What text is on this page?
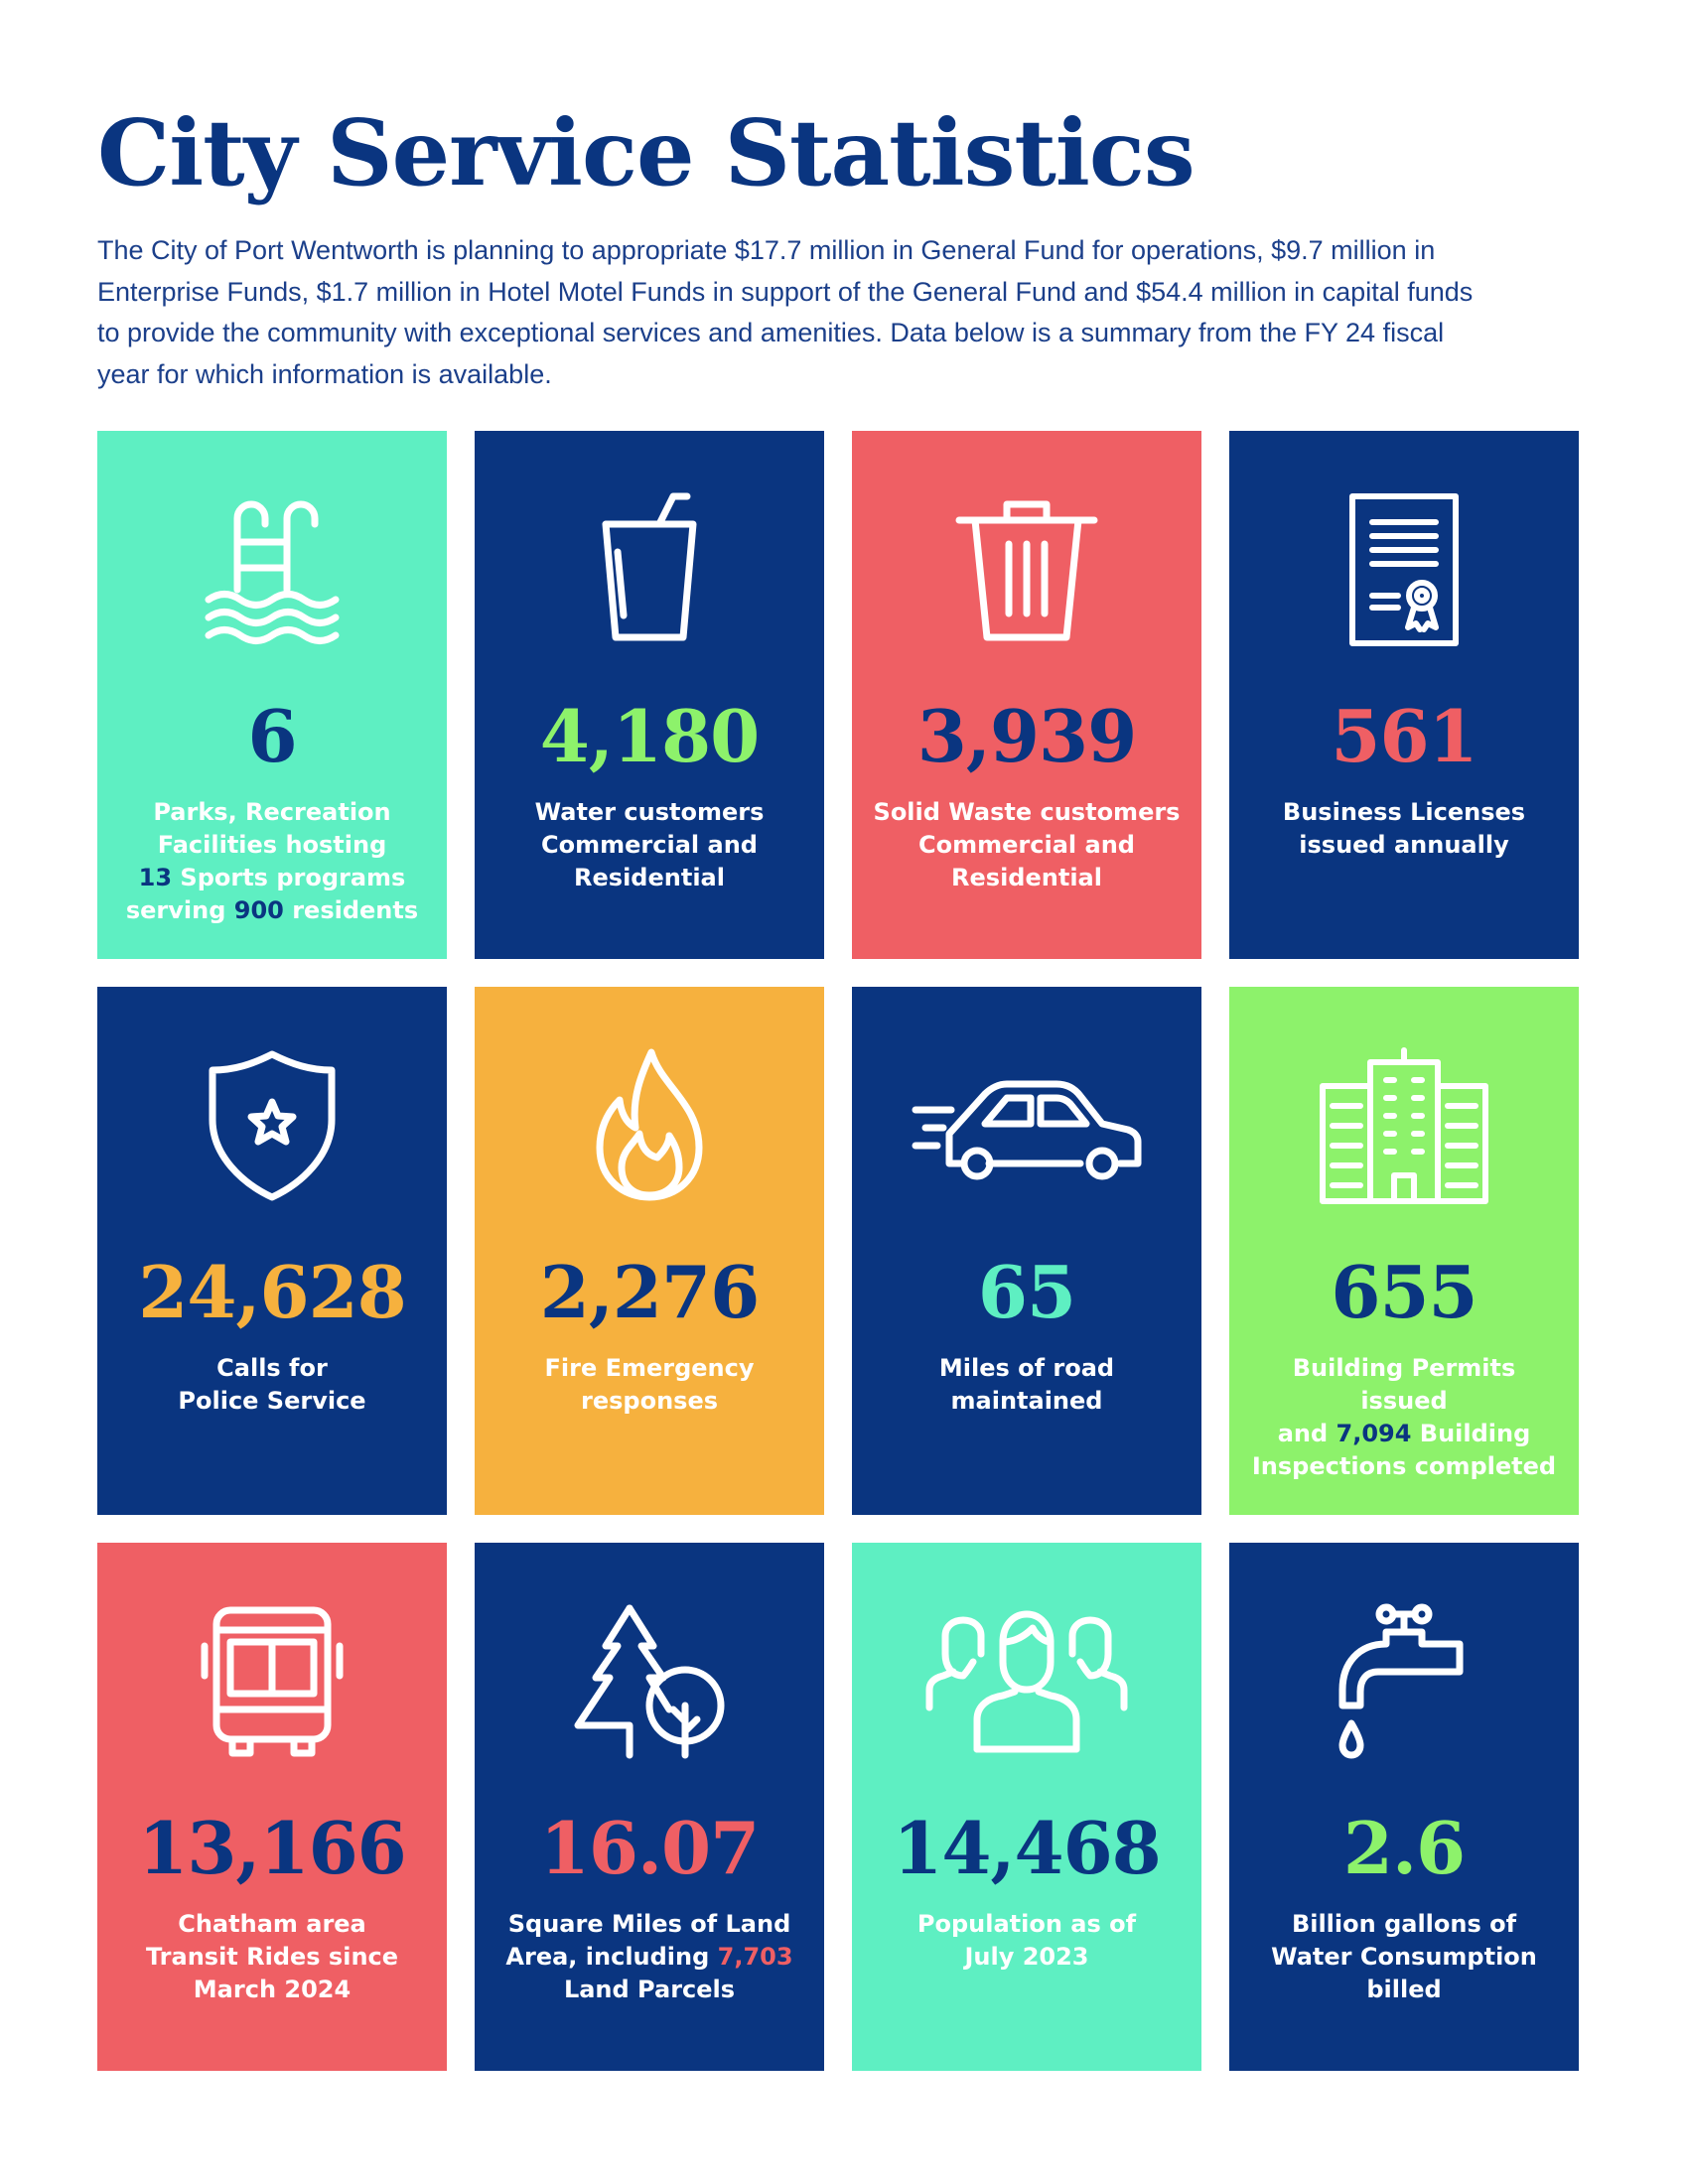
City Service Statistics

The City of Port Wentworth is planning to appropriate $17.7 million in General Fund for operations, $9.7 million in Enterprise Funds, $1.7 million in Hotel Motel Funds in support of the General Fund and $54.4 million in capital funds to provide the community with exceptional services and amenities. Data below is a summary from the FY 24 fiscal year for which information is available.

6
Parks, Recreation
Facilities hosting
13 Sports programs
serving 900 residents
4,180
Water customers
Commercial and
Residential
3,939
Solid Waste customers
Commercial and
Residential
561
Business Licenses
issued annually
24,628
Calls for
Police Service
2,276
Fire Emergency
responses
65
Miles of road
maintained
655
Building Permits issued
and 7,094 Building
Inspections completed
13,166
Chatham area
Transit Rides since
March 2024
16.07
Square Miles of Land
Area, including 7,703
Land Parcels
14,468
Population as of
July 2023
2.6
Billion gallons of
Water Consumption
billed
